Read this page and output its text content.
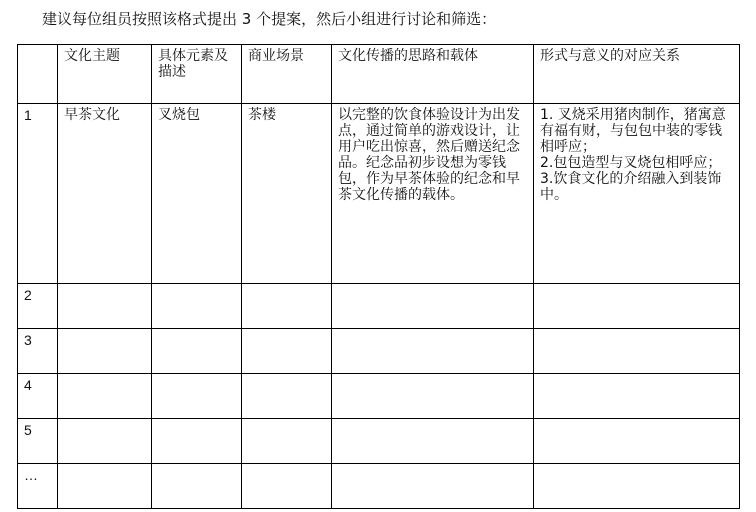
建议每位组员按照该格式提出 3 个提案，然后小组进行讨论和筛选：
	文化主题	具体元素及描述	商业场景	文化传播的思路和载体	形式与意义的对应关系
1	早茶文化	叉烧包	茶楼	以完整的饮食体验设计为出发点，通过简单的游戏设计，让用户吃出惊喜，然后赠送纪念品。纪念品初步设想为零钱包，作为早茶体验的纪念和早茶文化传播的载体。	1. 叉烧采用猪肉制作，猪寓意有福有财，与包包中装的零钱相呼应；
2.包包造型与叉烧包相呼应；
3.饮食文化的介绍融入到装饰中。

2					
3					
4					
5					
…					
